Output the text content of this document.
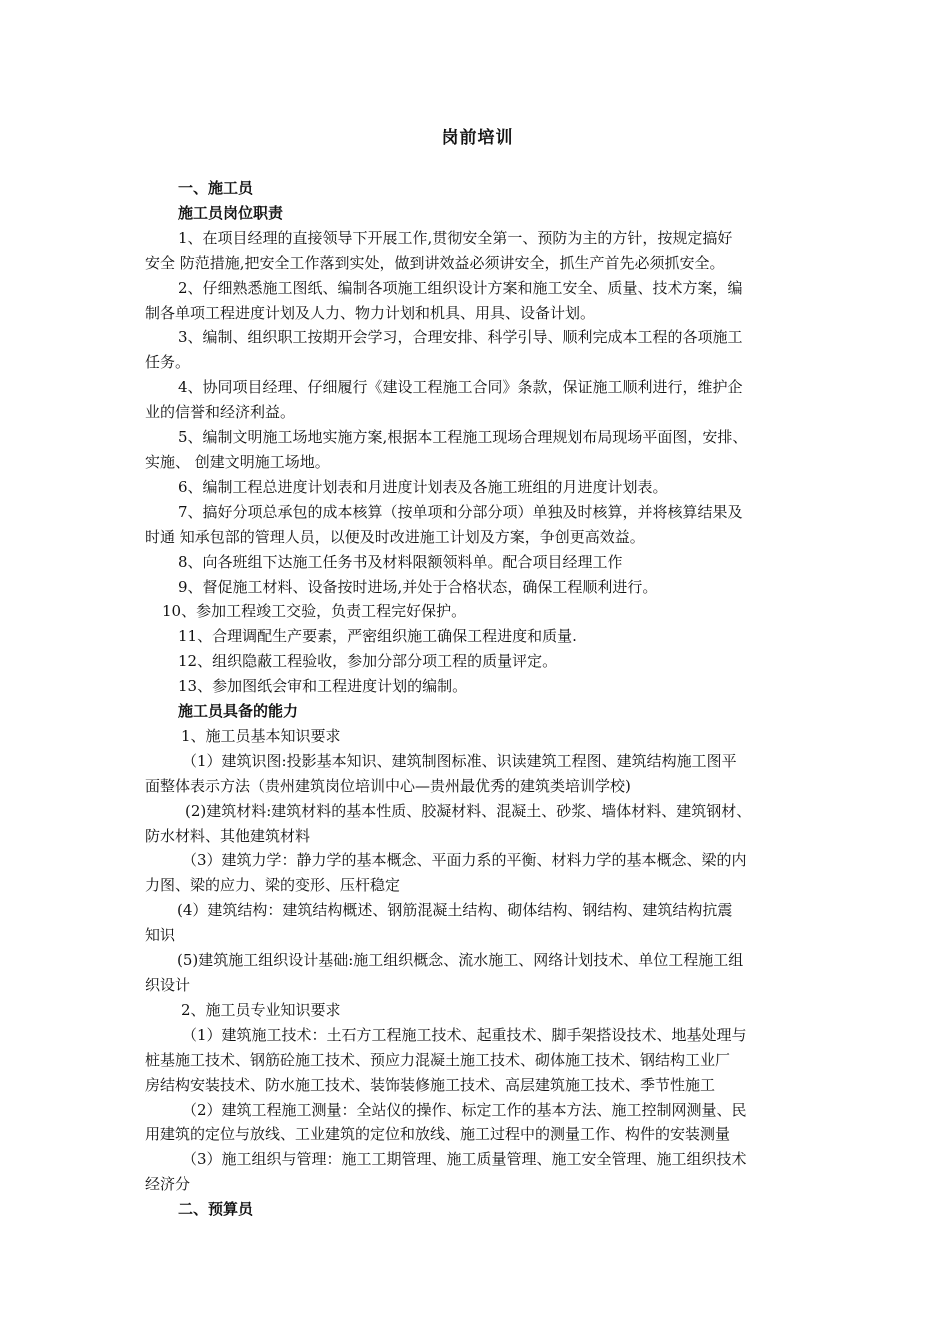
岗前培训
一、施工员
施工员岗位职责
1、在项目经理的直接领导下开展工作,贯彻安全第一、预防为主的方针，按规定搞好
安全 防范措施,把安全工作落到实处，做到讲效益必须讲安全，抓生产首先必须抓安全。
2、仔细熟悉施工图纸、编制各项施工组织设计方案和施工安全、质量、技术方案，编
制各单项工程进度计划及人力、物力计划和机具、用具、设备计划。
3、编制、组织职工按期开会学习，合理安排、科学引导、顺利完成本工程的各项施工
任务。
4、协同项目经理、仔细履行《建设工程施工合同》条款，保证施工顺利进行，维护企
业的信誉和经济利益。
5、编制文明施工场地实施方案,根据本工程施工现场合理规划布局现场平面图，安排、
实施、 创建文明施工场地。
6、编制工程总进度计划表和月进度计划表及各施工班组的月进度计划表。
7、搞好分项总承包的成本核算（按单项和分部分项）单独及时核算，并将核算结果及
时通 知承包部的管理人员，以便及时改进施工计划及方案，争创更高效益。
8、向各班组下达施工任务书及材料限额领料单。配合项目经理工作
9、督促施工材料、设备按时进场,并处于合格状态，确保工程顺利进行。
10、参加工程竣工交验，负责工程完好保护。
11、合理调配生产要素，严密组织施工确保工程进度和质量.
12、组织隐蔽工程验收，参加分部分项工程的质量评定。
13、参加图纸会审和工程进度计划的编制。
施工员具备的能力
1、施工员基本知识要求
（1）建筑识图:投影基本知识、建筑制图标准、识读建筑工程图、建筑结构施工图平
面整体表示方法（贵州建筑岗位培训中心—贵州最优秀的建筑类培训学校)
(2)建筑材料:建筑材料的基本性质、胶凝材料、混凝土、砂浆、墙体材料、建筑钢材、
防水材料、其他建筑材料
（3）建筑力学：静力学的基本概念、平面力系的平衡、材料力学的基本概念、梁的内
力图、梁的应力、梁的变形、压杆稳定
(4）建筑结构：建筑结构概述、钢筋混凝土结构、砌体结构、钢结构、建筑结构抗震
知识
(5)建筑施工组织设计基础:施工组织概念、流水施工、网络计划技术、单位工程施工组
织设计
2、施工员专业知识要求
（1）建筑施工技术：土石方工程施工技术、起重技术、脚手架搭设技术、地基处理与
桩基施工技术、钢筋砼施工技术、预应力混凝土施工技术、砌体施工技术、钢结构工业厂
房结构安装技术、防水施工技术、装饰装修施工技术、高层建筑施工技术、季节性施工
（2）建筑工程施工测量：全站仪的操作、标定工作的基本方法、施工控制网测量、民
用建筑的定位与放线、工业建筑的定位和放线、施工过程中的测量工作、构件的安装测量
（3）施工组织与管理：施工工期管理、施工质量管理、施工安全管理、施工组织技术
经济分
二、预算员
